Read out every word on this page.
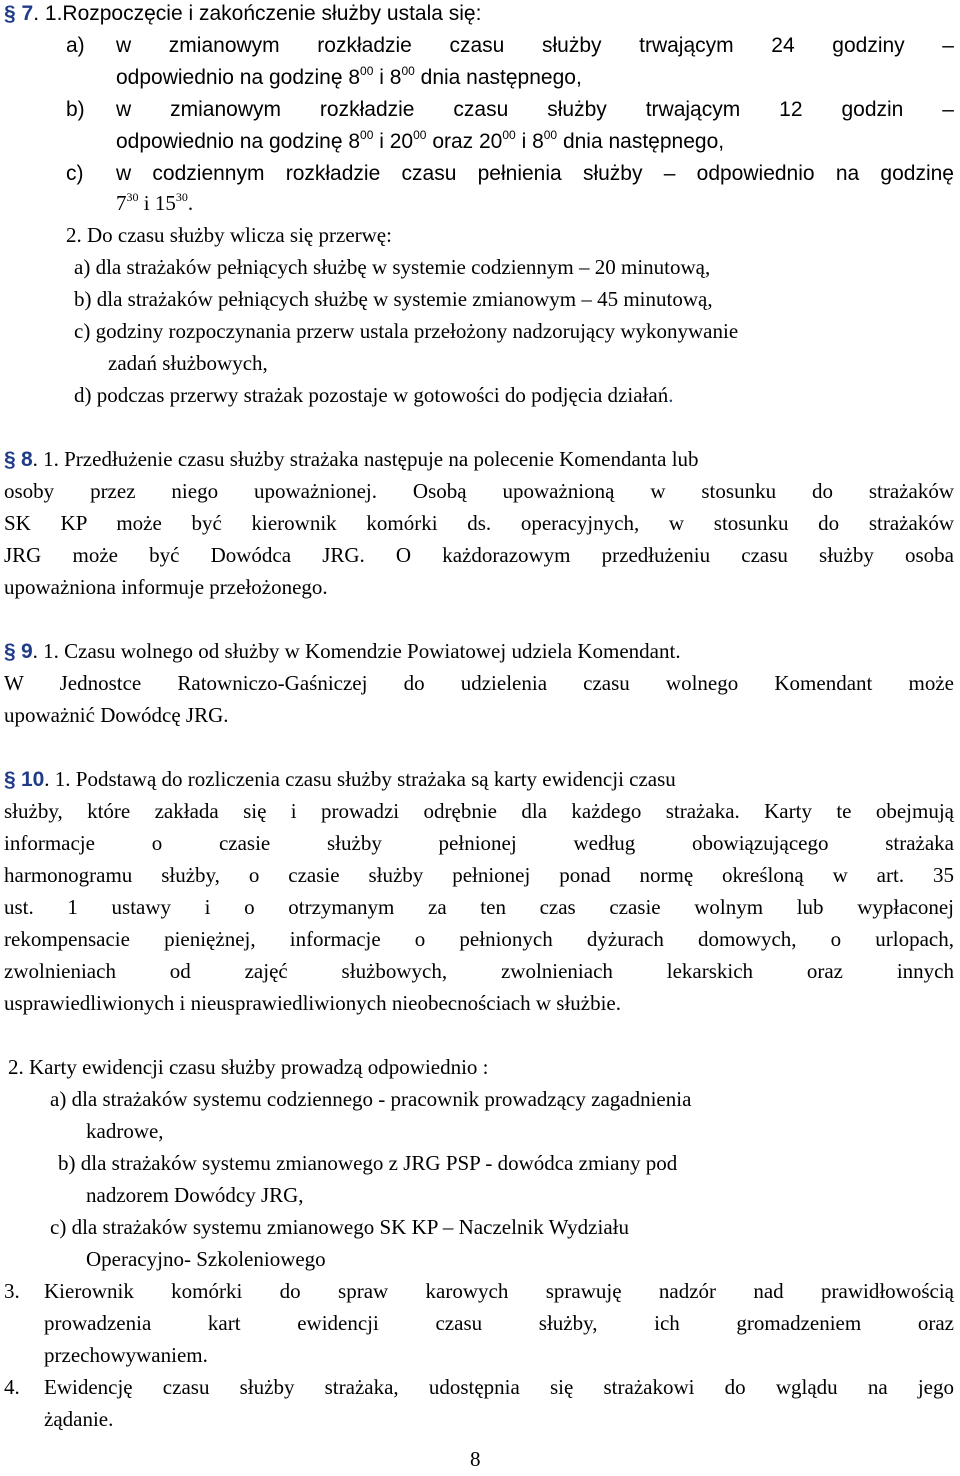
§ 7. 1.Rozpoczęcie i zakończenie służby ustala się:
a) w zmianowym rozkładzie czasu służby trwającym 24 godziny –
odpowiednio na godzinę $8^{00}$ i $8^{00}$ dnia następnego,
b) w zmianowym rozkładzie czasu służby trwającym 12 godzin –
odpowiednio na godzinę $8^{00}$ i $20^{00}$ oraz $20^{00}$ i $8^{00}$ dnia następnego,
c) w codziennym rozkładzie czasu pełnienia służby – odpowiednio na godzinę
$7^{30}$ i $15^{30}$.
2. Do czasu służby wlicza się przerwę:
a) dla strażaków pełniących służbę w systemie codziennym – 20 minutową,
b) dla strażaków pełniących służbę w systemie zmianowym – 45 minutową,
c) godziny rozpoczynania przerw ustala przełożony nadzorujący wykonywanie
zadań służbowych,
d) podczas przerwy strażak pozostaje w gotowości do podjęcia działań.
§ 8. 1. Przedłużenie czasu służby strażaka następuje na polecenie Komendanta lub
osoby przez niego upoważnionej. Osobą upoważnioną w stosunku do strażaków
SK KP może być kierownik komórki ds. operacyjnych, w stosunku do strażaków
JRG może być Dowódca JRG. O każdorazowym przedłużeniu czasu służby osoba
upoważniona informuje przełożonego.
§ 9. 1. Czasu wolnego od służby w Komendzie Powiatowej udziela Komendant.
W Jednostce Ratowniczo-Gaśniczej do udzielenia czasu wolnego Komendant może
upoważnić Dowódcę JRG.
§ 10. 1. Podstawą do rozliczenia czasu służby strażaka są karty ewidencji czasu
służby, które zakłada się i prowadzi odrębnie dla każdego strażaka. Karty te obejmują
informacje o czasie służby pełnionej według obowiązującego strażaka
harmonogramu służby, o czasie służby pełnionej ponad normę określoną w art. 35
ust. 1 ustawy i o otrzymanym za ten czas czasie wolnym lub wypłaconej
rekompensacie pieniężnej, informacje o pełnionych dyżurach domowych, o urlopach,
zwolnieniach od zajęć służbowych, zwolnieniach lekarskich oraz innych
usprawiedliwionych i nieusprawiedliwionych nieobecnościach w służbie.
2. Karty ewidencji czasu służby prowadzą odpowiednio :
a) dla strażaków systemu codziennego - pracownik prowadzący zagadnienia
kadrowe,
b) dla strażaków systemu zmianowego z JRG PSP - dowódca zmiany pod
nadzorem Dowódcy JRG,
c) dla strażaków systemu zmianowego SK KP – Naczelnik Wydziału
Operacyjno- Szkoleniowego
3. Kierownik komórki do spraw karowych sprawuję nadzór nad prawidłowością
prowadzenia kart ewidencji czasu służby, ich gromadzeniem oraz
przechowywaniem.
4. Ewidencję czasu służby strażaka, udostępnia się strażakowi do wglądu na jego
żądanie.
8
